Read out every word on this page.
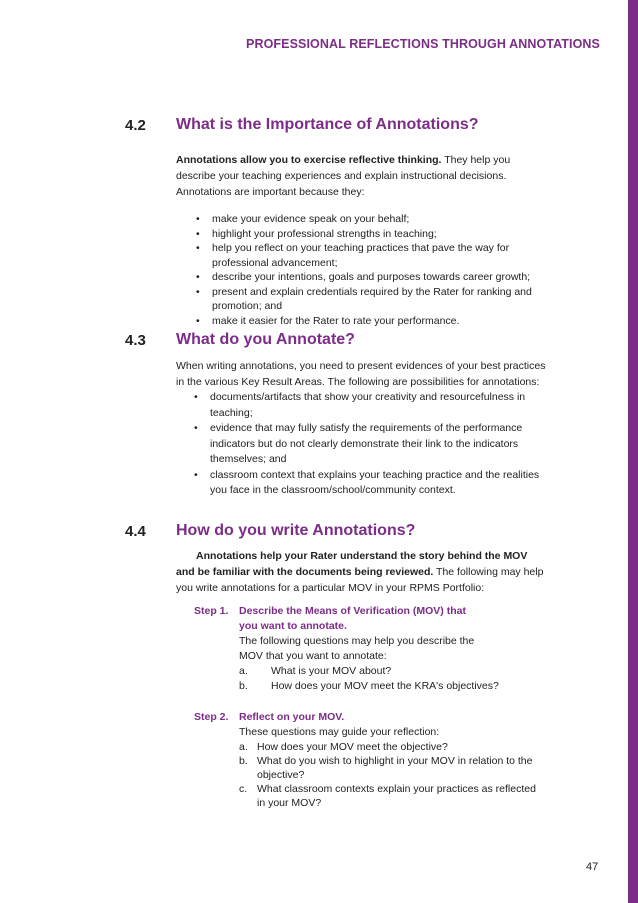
PROFESSIONAL REFLECTIONS THROUGH ANNOTATIONS
4.2 What is the Importance of Annotations?

Annotations allow you to exercise reflective thinking. They help you describe your teaching experiences and explain instructional decisions. Annotations are important because they:

• make your evidence speak on your behalf;
• highlight your professional strengths in teaching;
• help you reflect on your teaching practices that pave the way for professional advancement;
• describe your intentions, goals and purposes towards career growth;
• present and explain credentials required by the Rater for ranking and promotion; and
• make it easier for the Rater to rate your performance.
4.3 What do you Annotate?

When writing annotations, you need to present evidences of your best practices in the various Key Result Areas. The following are possibilities for annotations:

• documents/artifacts that show your creativity and resourcefulness in teaching;
• evidence that may fully satisfy the requirements of the performance indicators but do not clearly demonstrate their link to the indicators themselves; and
• classroom context that explains your teaching practice and the realities you face in the classroom/school/community context.
4.4 How do you write Annotations?

Annotations help your Rater understand the story behind the MOV and be familiar with the documents being reviewed. The following may help you write annotations for a particular MOV in your RPMS Portfolio:

Step 1. Describe the Means of Verification (MOV) that you want to annotate.
The following questions may help you describe the MOV that you want to annotate:
a. What is your MOV about?
b. How does your MOV meet the KRA's objectives?
Step 2. Reflect on your MOV.
These questions may guide your reflection:
a. How does your MOV meet the objective?
b. What do you wish to highlight in your MOV in relation to the objective?
c. What classroom contexts explain your practices as reflected in your MOV?
47
